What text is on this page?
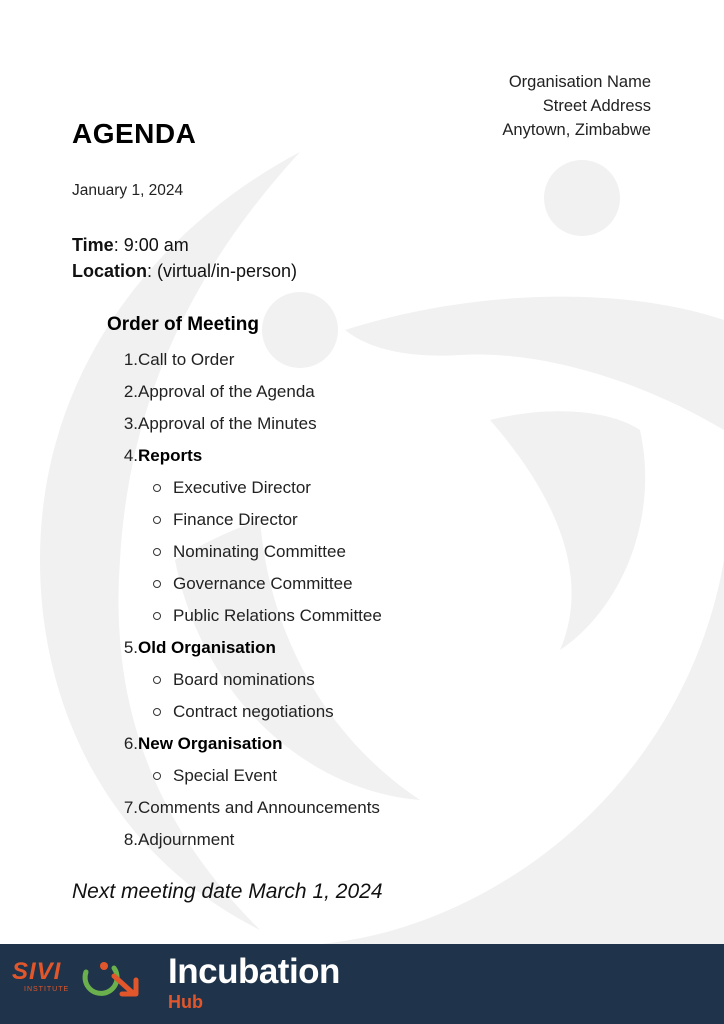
Organisation Name
Street Address
Anytown, Zimbabwe
AGENDA
January 1, 2024
Time: 9:00 am
Location: (virtual/in-person)
Order of Meeting
1.Call to Order
2.Approval of the Agenda
3.Approval of the Minutes
4.Reports
Executive Director
Finance Director
Nominating Committee
Governance Committee
Public Relations Committee
5.Old Organisation
Board nominations
Contract negotiations
6.New Organisation
Special Event
7.Comments and Announcements
8.Adjournment
Next meeting date March 1, 2024
SIVI
INSTITUTE	Incubation
Hub
